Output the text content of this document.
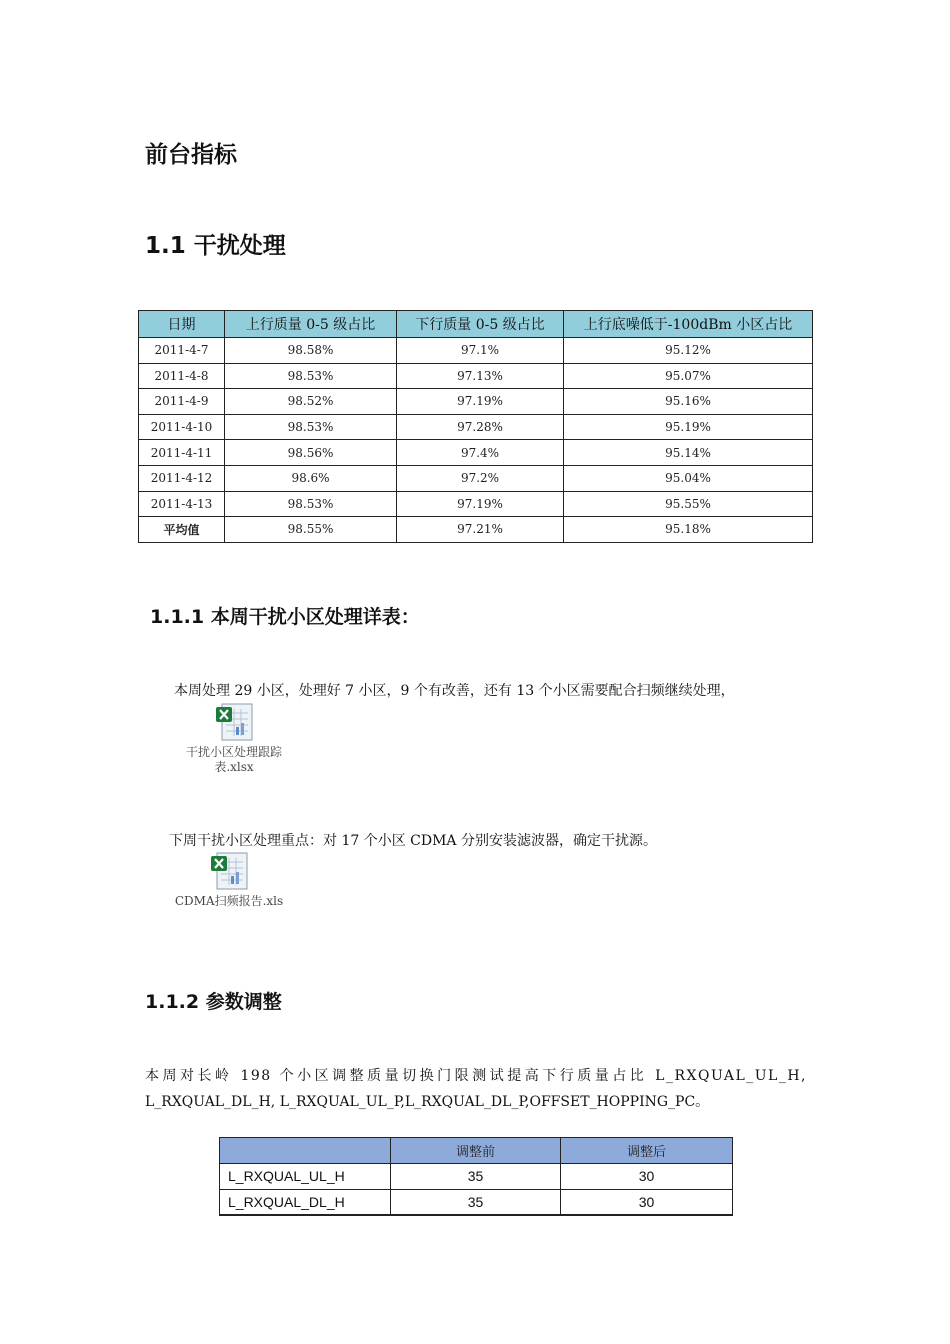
前台指标
1.1 干扰处理
日期	上行质量 0-5 级占比	下行质量 0-5 级占比	上行底噪低于-100dBm 小区占比
2011-4-7	98.58%	97.1%	95.12%
2011-4-8	98.53%	97.13%	95.07%
2011-4-9	98.52%	97.19%	95.16%
2011-4-10	98.53%	97.28%	95.19%
2011-4-11	98.56%	97.4%	95.14%
2011-4-12	98.6%	97.2%	95.04%
2011-4-13	98.53%	97.19%	95.55%
平均值	98.55%	97.21%	95.18%
1.1.1 本周干扰小区处理详表：
本周处理 29 小区，处理好 7 小区，9 个有改善，还有 13 个小区需要配合扫频继续处理，
干扰小区处理跟踪
表.xlsx
下周干扰小区处理重点：对 17 个小区 CDMA 分别安装滤波器，确定干扰源。
CDMA扫频报告.xls
1.1.2 参数调整
本周对长岭 198 个小区调整质量切换门限测试提高下行质量占比 L_RXQUAL_UL_H,
L_RXQUAL_DL_H, L_RXQUAL_UL_P,L_RXQUAL_DL_P,OFFSET_HOPPING_PC。
	调整前	调整后
L_RXQUAL_UL_H	35	30
L_RXQUAL_DL_H	35	30
